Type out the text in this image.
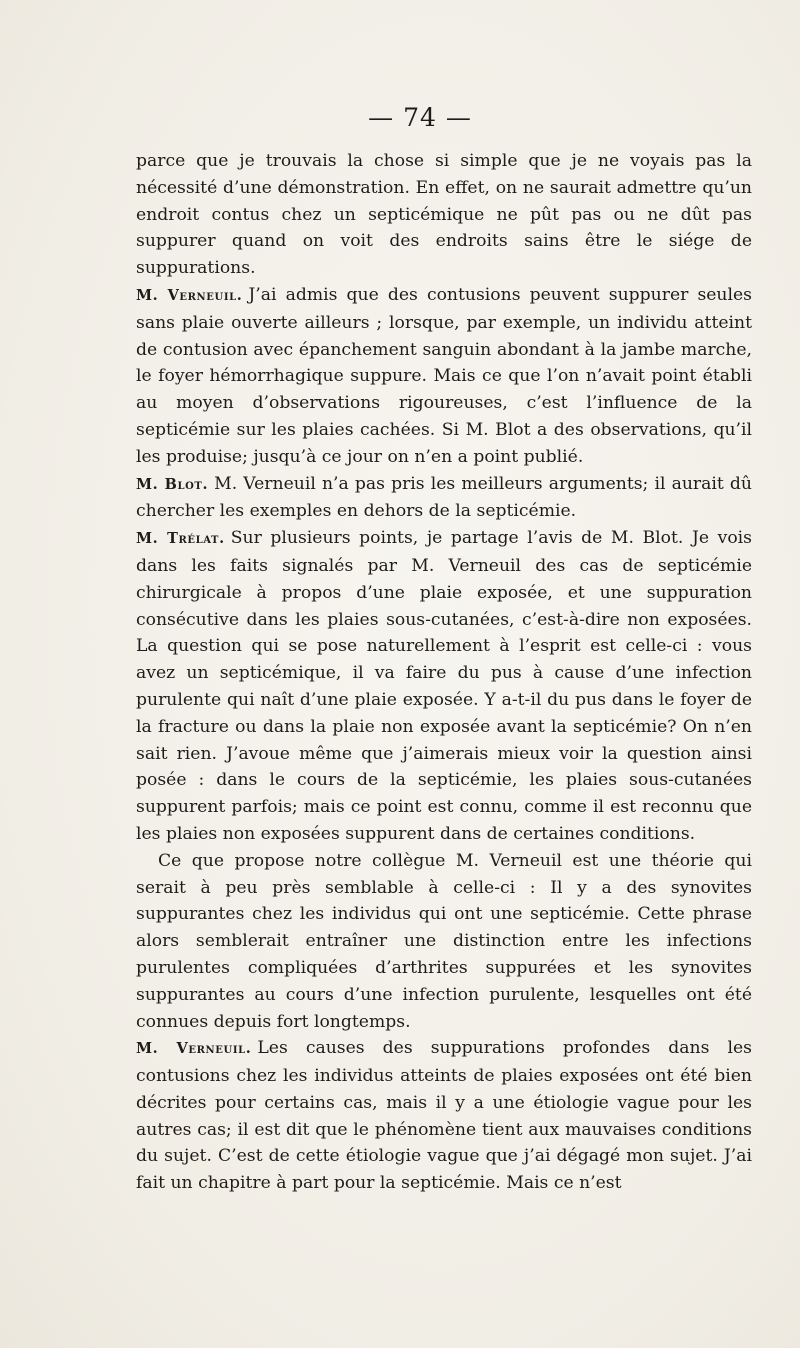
— 74 —

parce que je trouvais la chose si simple que je ne voyais pas la nécessité d’une démonstration. En effet, on ne saurait admettre qu’un endroit contus chez un septicémique ne pût pas ou ne dût pas suppurer quand on voit des endroits sains être le siége de suppurations.

M. Verneuil. J’ai admis que des contusions peuvent suppurer seules sans plaie ouverte ailleurs ; lorsque, par exemple, un individu atteint de contusion avec épanchement sanguin abondant à la jambe marche, le foyer hémorrhagique suppure. Mais ce que l’on n’avait point établi au moyen d’observations rigoureuses, c’est l’influence de la septicémie sur les plaies cachées. Si M. Blot a des observations, qu’il les produise; jusqu’à ce jour on n’en a point publié.

M. Blot. M. Verneuil n’a pas pris les meilleurs arguments; il aurait dû chercher les exemples en dehors de la septicémie.

M. Trélat. Sur plusieurs points, je partage l’avis de M. Blot. Je vois dans les faits signalés par M. Verneuil des cas de septicémie chirurgicale à propos d’une plaie exposée, et une suppuration consécutive dans les plaies sous-cutanées, c’est-à-dire non exposées. La question qui se pose naturellement à l’esprit est celle-ci : vous avez un septicémique, il va faire du pus à cause d’une infection purulente qui naît d’une plaie exposée. Y a-t-il du pus dans le foyer de la fracture ou dans la plaie non exposée avant la septicémie? On n’en sait rien. J’avoue même que j’aimerais mieux voir la question ainsi posée : dans le cours de la septicémie, les plaies sous-cutanées suppurent parfois; mais ce point est connu, comme il est reconnu que les plaies non exposées suppurent dans de certaines conditions.

Ce que propose notre collègue M. Verneuil est une théorie qui serait à peu près semblable à celle-ci : Il y a des synovites suppurantes chez les individus qui ont une septicémie. Cette phrase alors semblerait entraîner une distinction entre les infections purulentes compliquées d’arthrites suppurées et les synovites suppurantes au cours d’une infection purulente, lesquelles ont été connues depuis fort longtemps.

M. Verneuil. Les causes des suppurations profondes dans les contusions chez les individus atteints de plaies exposées ont été bien décrites pour certains cas, mais il y a une étiologie vague pour les autres cas; il est dit que le phénomène tient aux mauvaises conditions du sujet. C’est de cette étiologie vague que j’ai dégagé mon sujet. J’ai fait un chapitre à part pour la septicémie. Mais ce n’est
